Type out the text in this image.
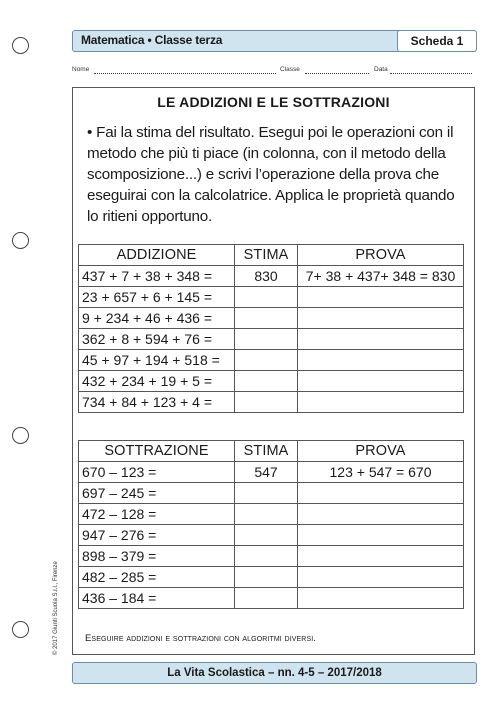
Matematica • Classe terza	Scheda 1
Nome	Classe	Data
LE ADDIZIONI E LE SOTTRAZIONI
• Fai la stima del risultato. Esegui poi le operazioni con il metodo che più ti piace (in colonna, con il metodo della scomposizione...) e scrivi l’operazione della prova che eseguirai con la calcolatrice. Applica le proprietà quando lo ritieni opportuno.
ADDIZIONE	STIMA	PROVA
437 + 7 + 38 + 348 =	830	7+ 38 + 437+ 348 = 830
23 + 657 + 6 + 145 =		
9 + 234 + 46 + 436 =		
362 + 8 + 594 + 76 =		
45 + 97 + 194 + 518 =		
432 + 234 + 19 + 5 =		
734 + 84 + 123 + 4 =		
SOTTRAZIONE	STIMA	PROVA
670 – 123 =	547	123 + 547 = 670
697 – 245 =		
472 – 128 =		
947 – 276 =		
898 – 379 =		
482 – 285 =		
436 – 184 =		
Eseguire addizioni e sottrazioni con algoritmi diversi.
© 2017 Giunti Scuola S.r.l., Firenze
La Vita Scolastica – nn. 4-5 – 2017/2018
